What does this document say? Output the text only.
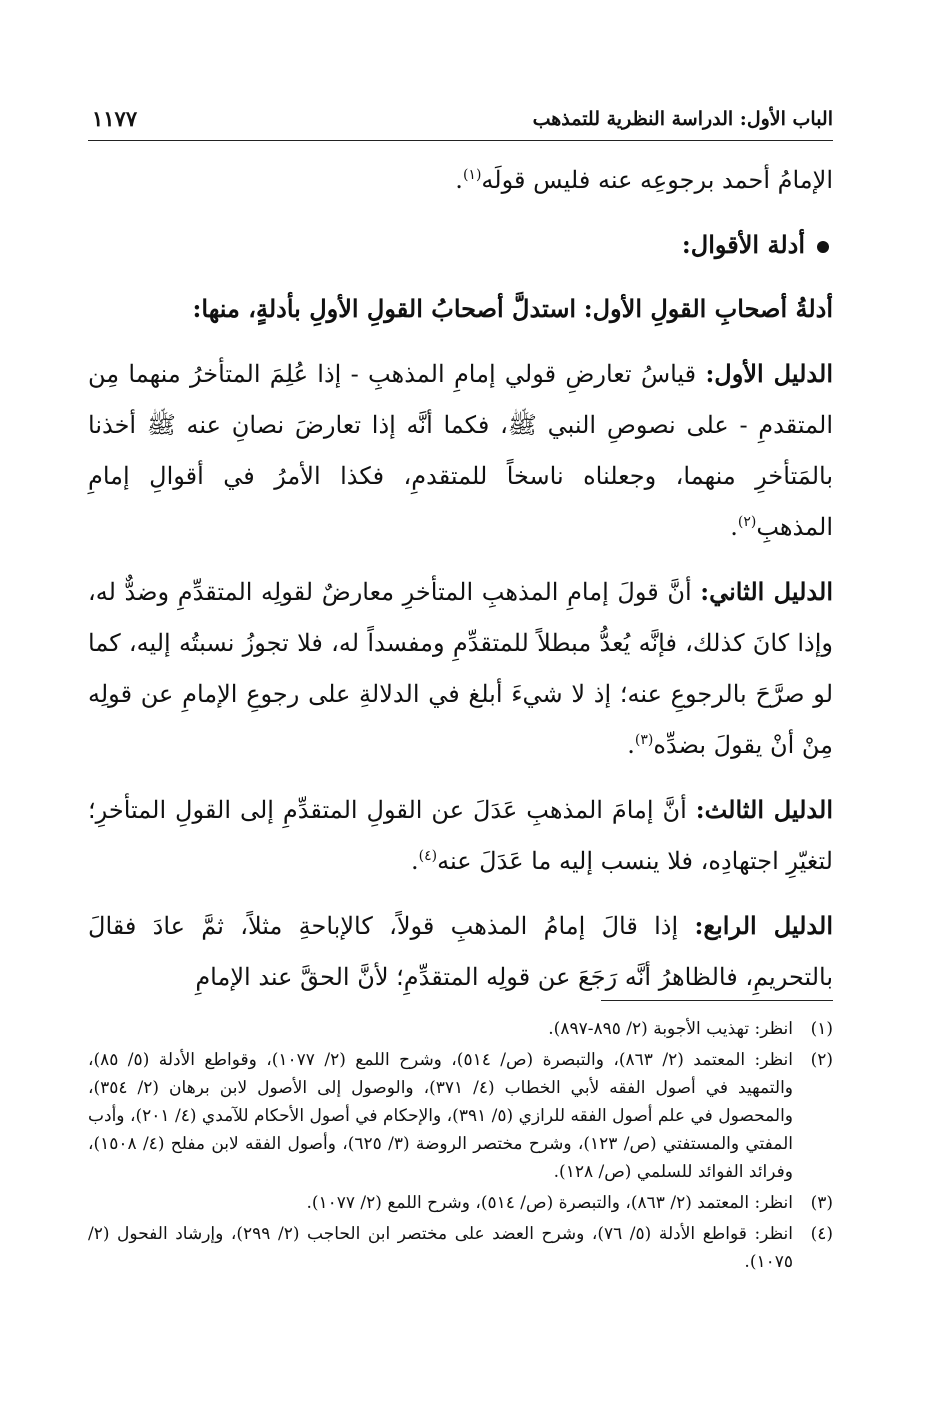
الباب الأول: الدراسة النظرية للتمذهب
١١٧٧

الإمامُ أحمد برجوعِه عنه فليس قولَه$^{(١)}$.

أدلة الأقوال:

أدلةُ أصحابِ القولِ الأول: استدلَّ أصحابُ القولِ الأولِ بأدلةٍ، منها:

الدليل الأول: قياسُ تعارضِ قولي إمامِ المذهبِ - إذا عُلِمَ المتأخرُ منهما مِن المتقدمِ - على نصوصِ النبي ﷺ، فكما أنَّه إذا تعارضَ نصانِ عنه ﷺ أخذنا بالمَتأخرِ منهما، وجعلناه ناسخاً للمتقدمِ، فكذا الأمرُ في أقوالِ إمامِ المذهبِ$^{(٢)}$.

الدليل الثاني: أنَّ قولَ إمامِ المذهبِ المتأخرِ معارضٌ لقولِه المتقدِّمِ وضدٌّ له، وإذا كانَ كذلك، فإنَّه يُعدُّ مبطلاً للمتقدِّمِ ومفسداً له، فلا تجوزُ نسبتُه إليه، كما لو صرَّحَ بالرجوعِ عنه؛ إذ لا شيءَ أبلغ في الدلالةِ على رجوعِ الإمامِ عن قولِه مِنْ أنْ يقولَ بضدِّه$^{(٣)}$.

الدليل الثالث: أنَّ إمامَ المذهبِ عَدَلَ عن القولِ المتقدِّمِ إلى القولِ المتأخرِ؛ لتغيّرِ اجتهادِه، فلا ينسب إليه ما عَدَلَ عنه$^{(٤)}$.

الدليل الرابع: إذا قالَ إمامُ المذهبِ قولاً، كالإباحةِ مثلاً، ثمَّ عادَ فقالَ بالتحريمِ، فالظاهرُ أنَّه رَجَعَ عن قولِه المتقدِّمِ؛ لأنَّ الحقَّ عند الإمامِ

(١)
انظر: تهذيب الأجوبة (٢/ ٨٩٥-٨٩٧).
(٢)
انظر: المعتمد (٢/ ٨٦٣)، والتبصرة (ص/ ٥١٤)، وشرح اللمع (٢/ ١٠٧٧)، وقواطع الأدلة (٥/ ٨٥)، والتمهيد في أصول الفقه لأبي الخطاب (٤/ ٣٧١)، والوصول إلى الأصول لابن برهان (٢/ ٣٥٤)، والمحصول في علم أصول الفقه للرازي (٥/ ٣٩١)، والإحكام في أصول الأحكام للآمدي (٤/ ٢٠١)، وأدب المفتي والمستفتي (ص/ ١٢٣)، وشرح مختصر الروضة (٣/ ٦٢٥)، وأصول الفقه لابن مفلح (٤/ ١٥٠٨)، وفرائد الفوائد للسلمي (ص/ ١٢٨).
(٣)
انظر: المعتمد (٢/ ٨٦٣)، والتبصرة (ص/ ٥١٤)، وشرح اللمع (٢/ ١٠٧٧).
(٤)
انظر: قواطع الأدلة (٥/ ٧٦)، وشرح العضد على مختصر ابن الحاجب (٢/ ٢٩٩)، وإرشاد الفحول (٢/ ١٠٧٥).
